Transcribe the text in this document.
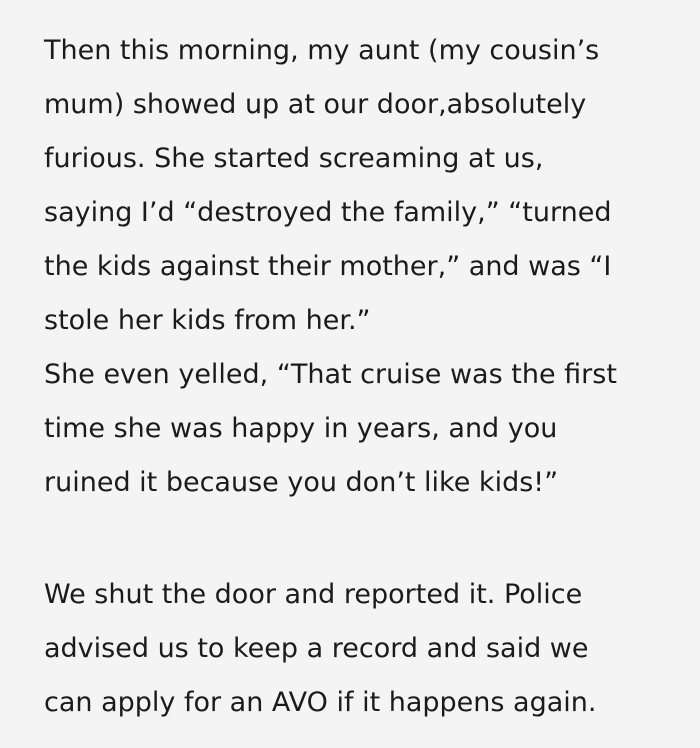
Then this morning, my aunt (my cousin’s
mum) showed up at our door,absolutely
furious. She started screaming at us,
saying I’d “destroyed the family,” “turned
the kids against their mother,” and was “I
stole her kids from her.”
She even yelled, “That cruise was the first
time she was happy in years, and you
ruined it because you don’t like kids!”
We shut the door and reported it. Police
advised us to keep a record and said we
can apply for an AVO if it happens again.
